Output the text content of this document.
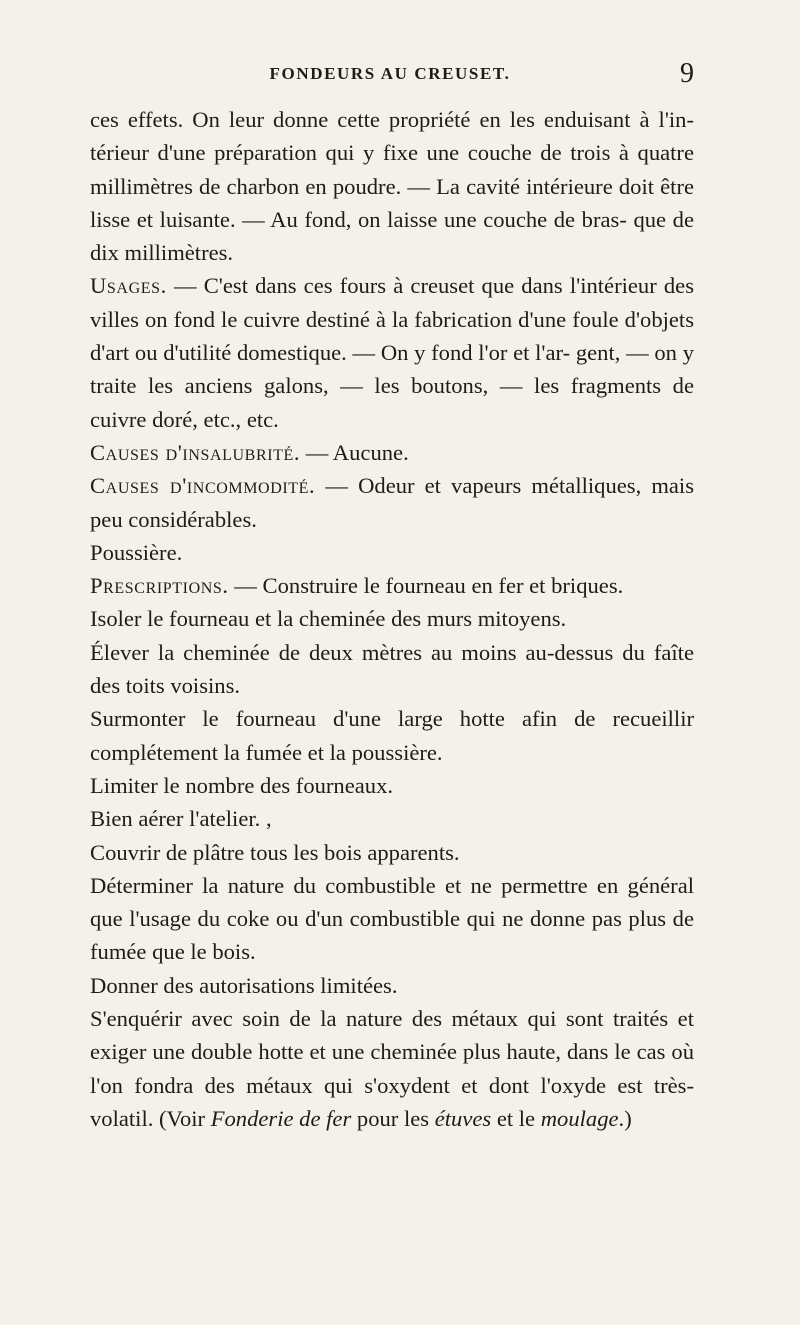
FONDEURS AU CREUSET.	9

ces effets. On leur donne cette propriété en les enduisant à l'in- térieur d'une préparation qui y fixe une couche de trois à quatre millimètres de charbon en poudre. — La cavité intérieure doit être lisse et luisante. — Au fond, on laisse une couche de bras- que de dix millimètres.

Usages. — C'est dans ces fours à creuset que dans l'intérieur des villes on fond le cuivre destiné à la fabrication d'une foule d'objets d'art ou d'utilité domestique. — On y fond l'or et l'ar- gent, — on y traite les anciens galons, — les boutons, — les fragments de cuivre doré, etc., etc.

Causes d'insalubrité. — Aucune.

Causes d'incommodité. — Odeur et vapeurs métalliques, mais peu considérables.

Poussière.

Prescriptions. — Construire le fourneau en fer et briques.

Isoler le fourneau et la cheminée des murs mitoyens.

Élever la cheminée de deux mètres au moins au-dessus du faîte des toits voisins.

Surmonter le fourneau d'une large hotte afin de recueillir complétement la fumée et la poussière.

Limiter le nombre des fourneaux.

Bien aérer l'atelier. ,

Couvrir de plâtre tous les bois apparents.

Déterminer la nature du combustible et ne permettre en général que l'usage du coke ou d'un combustible qui ne donne pas plus de fumée que le bois.

Donner des autorisations limitées.

S'enquérir avec soin de la nature des métaux qui sont traités et exiger une double hotte et une cheminée plus haute, dans le cas où l'on fondra des métaux qui s'oxydent et dont l'oxyde est très-volatil. (Voir Fonderie de fer pour les étuves et le moulage.)
